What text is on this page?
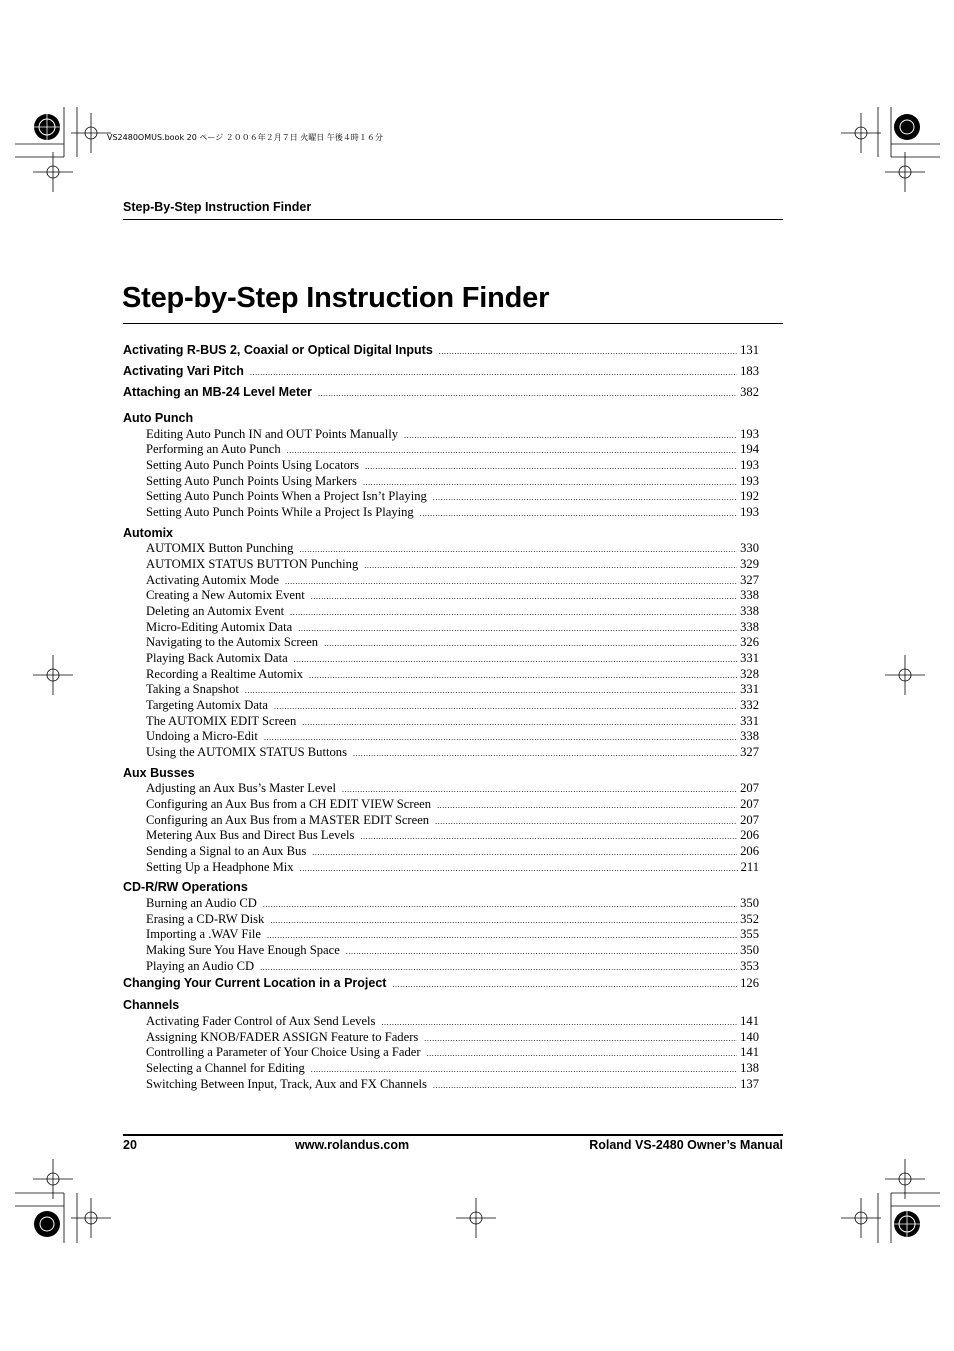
VS2480OMUS.book 20 ページ ２００６年２月７日 火曜日 午後４時１６分
Step-By-Step Instruction Finder
Step-by-Step Instruction Finder
Activating R-BUS 2, Coaxial or Optical Digital Inputs .....	131
Activating Vari Pitch .....	183
Attaching an MB-24 Level Meter .....	382
Auto Punch
Editing Auto Punch IN and OUT Points Manually .....	193
Performing an Auto Punch .....	194
Setting Auto Punch Points Using Locators .....	193
Setting Auto Punch Points Using Markers .....	193
Setting Auto Punch Points When a Project Isn’t Playing .....	192
Setting Auto Punch Points While a Project Is Playing .....	193
Automix
AUTOMIX Button Punching .....	330
AUTOMIX STATUS BUTTON Punching .....	329
Activating Automix Mode .....	327
Creating a New Automix Event .....	338
Deleting an Automix Event .....	338
Micro-Editing Automix Data .....	338
Navigating to the Automix Screen .....	326
Playing Back Automix Data .....	331
Recording a Realtime Automix .....	328
Taking a Snapshot .....	331
Targeting Automix Data .....	332
The AUTOMIX EDIT Screen .....	331
Undoing a Micro-Edit .....	338
Using the AUTOMIX STATUS Buttons .....	327
Aux Busses
Adjusting an Aux Bus’s Master Level .....	207
Configuring an Aux Bus from a CH EDIT VIEW Screen .....	207
Configuring an Aux Bus from a MASTER EDIT Screen .....	207
Metering Aux Bus and Direct Bus Levels .....	206
Sending a Signal to an Aux Bus .....	206
Setting Up a Headphone Mix .....	211
CD-R/RW Operations
Burning an Audio CD .....	350
Erasing a CD-RW Disk .....	352
Importing a .WAV File .....	355
Making Sure You Have Enough Space .....	350
Playing an Audio CD .....	353
Changing Your Current Location in a Project .....	126
Channels
Activating Fader Control of Aux Send Levels .....	141
Assigning KNOB/FADER ASSIGN Feature to Faders .....	140
Controlling a Parameter of Your Choice Using a Fader .....	141
Selecting a Channel for Editing .....	138
Switching Between Input, Track, Aux and FX Channels .....	137
20	www.rolandus.com	Roland VS-2480 Owner’s Manual
